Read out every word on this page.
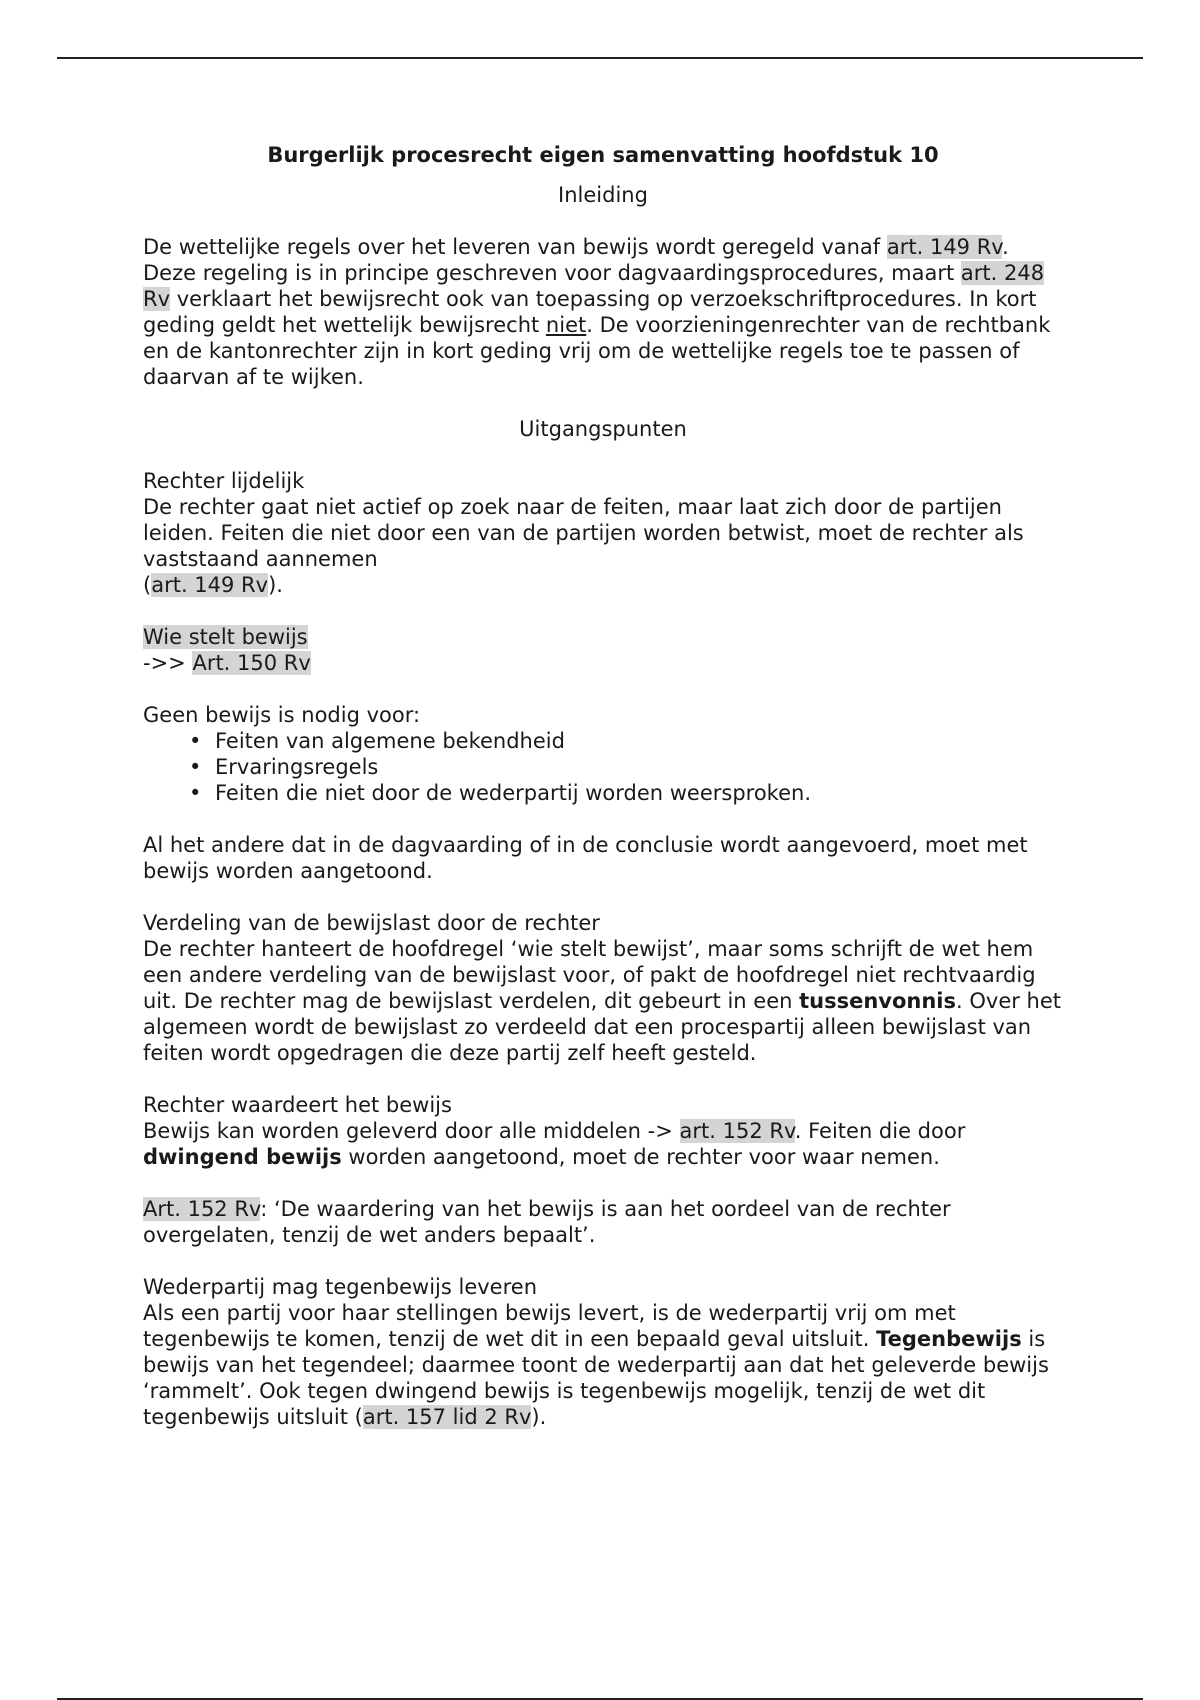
Burgerlijk procesrecht eigen samenvatting hoofdstuk 10
Inleiding

De wettelijke regels over het leveren van bewijs wordt geregeld vanaf art. 149 Rv. Deze regeling is in principe geschreven voor dagvaardingsprocedures, maart art. 248 Rv verklaart het bewijsrecht ook van toepassing op verzoekschriftprocedures. In kort geding geldt het wettelijk bewijsrecht niet. De voorzieningenrechter van de rechtbank en de kantonrechter zijn in kort geding vrij om de wettelijke regels toe te passen of daarvan af te wijken.

Uitgangspunten

Rechter lijdelijk
De rechter gaat niet actief op zoek naar de feiten, maar laat zich door de partijen leiden. Feiten die niet door een van de partijen worden betwist, moet de rechter als vaststaand aannemen
(art. 149 Rv).

Wie stelt bewijs
->> Art. 150 Rv

Geen bewijs is nodig voor:

• Feiten van algemene bekendheid
• Ervaringsregels
• Feiten die niet door de wederpartij worden weersproken.

Al het andere dat in de dagvaarding of in de conclusie wordt aangevoerd, moet met bewijs worden aangetoond.

Verdeling van de bewijslast door de rechter
De rechter hanteert de hoofdregel ‘wie stelt bewijst’, maar soms schrijft de wet hem een andere verdeling van de bewijslast voor, of pakt de hoofdregel niet rechtvaardig uit. De rechter mag de bewijslast verdelen, dit gebeurt in een tussenvonnis. Over het algemeen wordt de bewijslast zo verdeeld dat een procespartij alleen bewijslast van feiten wordt opgedragen die deze partij zelf heeft gesteld.

Rechter waardeert het bewijs
Bewijs kan worden geleverd door alle middelen -> art. 152 Rv. Feiten die door dwingend bewijs worden aangetoond, moet de rechter voor waar nemen.

Art. 152 Rv: ‘De waardering van het bewijs is aan het oordeel van de rechter overgelaten, tenzij de wet anders bepaalt’.

Wederpartij mag tegenbewijs leveren
Als een partij voor haar stellingen bewijs levert, is de wederpartij vrij om met tegenbewijs te komen, tenzij de wet dit in een bepaald geval uitsluit. Tegenbewijs is bewijs van het tegendeel; daarmee toont de wederpartij aan dat het geleverde bewijs ‘rammelt’. Ook tegen dwingend bewijs is tegenbewijs mogelijk, tenzij de wet dit tegenbewijs uitsluit (art. 157 lid 2 Rv).
